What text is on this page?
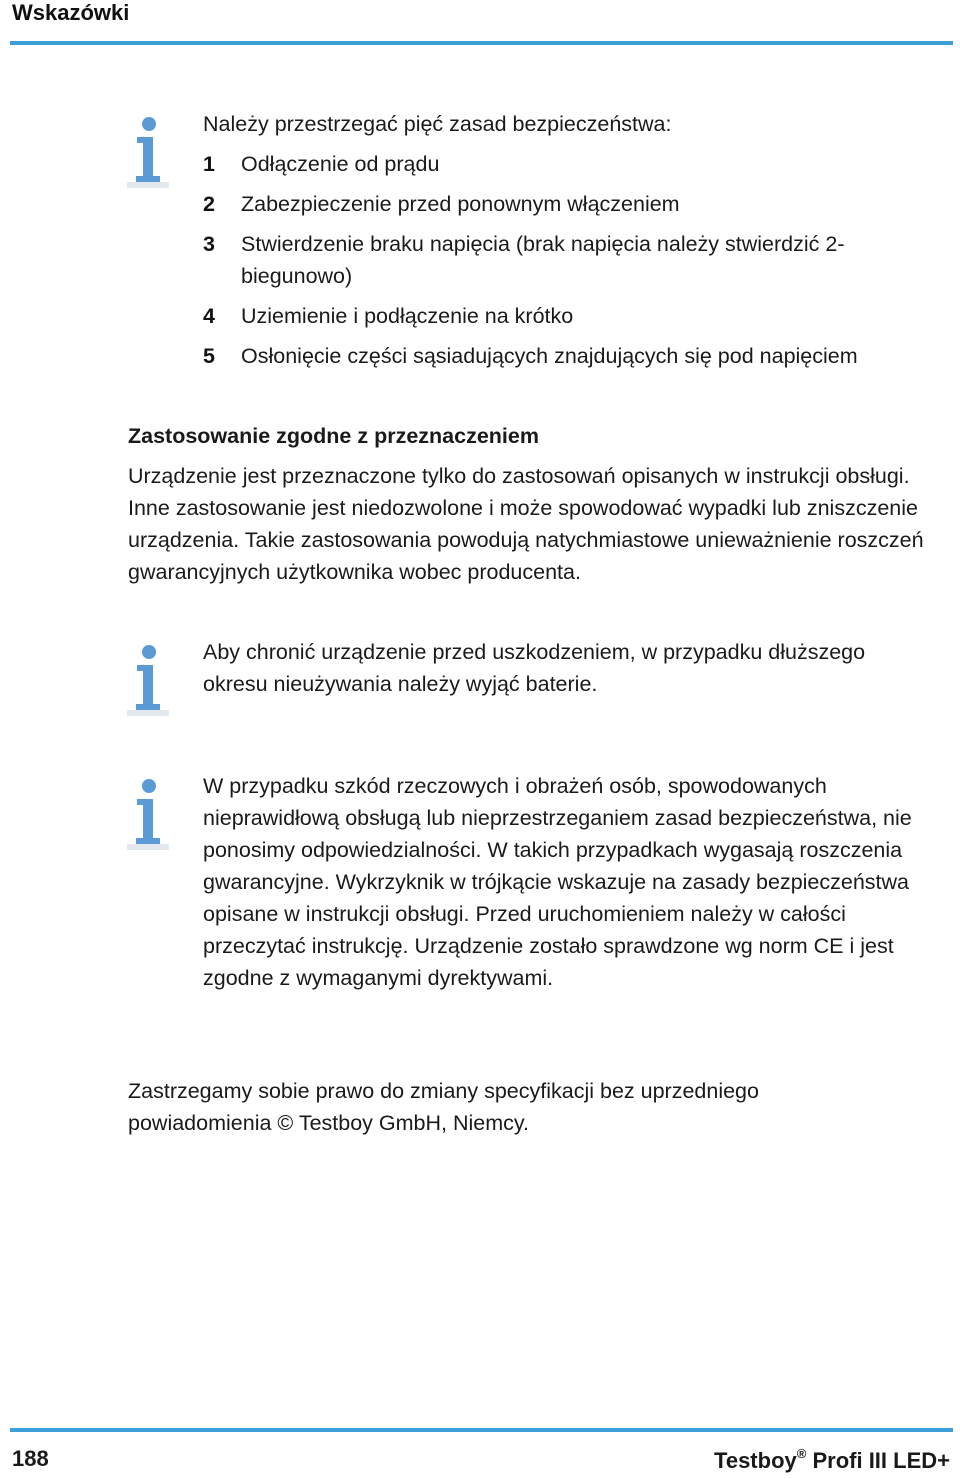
Wskazówki
Należy przestrzegać pięć zasad bezpieczeństwa:
1	Odłączenie od prądu
2	Zabezpieczenie przed ponownym włączeniem
3	Stwierdzenie braku napięcia (brak napięcia należy stwierdzić 2-biegunowo)
4	Uziemienie i podłączenie na krótko
5	Osłonięcie części sąsiadujących znajdujących się pod napięciem
Zastosowanie zgodne z przeznaczeniem
Urządzenie jest przeznaczone tylko do zastosowań opisanych w instrukcji obsługi. Inne zastosowanie jest niedozwolone i może spowodować wypadki lub zniszczenie urządzenia. Takie zastosowania powodują natychmiastowe unieważnienie roszczeń gwarancyjnych użytkownika wobec producenta.
Aby chronić urządzenie przed uszkodzeniem, w przypadku dłuższego okresu nieużywania należy wyjąć baterie.
W przypadku szkód rzeczowych i obrażeń osób, spowodowanych nieprawidłową obsługą lub nieprzestrzeganiem zasad bezpieczeństwa, nie ponosimy odpowiedzialności. W takich przypadkach wygasają roszczenia gwarancyjne. Wykrzyknik w trójkącie wskazuje na zasady bezpieczeństwa opisane w instrukcji obsługi. Przed uruchomieniem należy w całości przeczytać instrukcję. Urządzenie zostało sprawdzone wg norm CE i jest zgodne z wymaganymi dyrektywami.
Zastrzegamy sobie prawo do zmiany specyfikacji bez uprzedniego powiadomienia © Testboy GmbH, Niemcy.
188	Testboy® Profi III LED+
